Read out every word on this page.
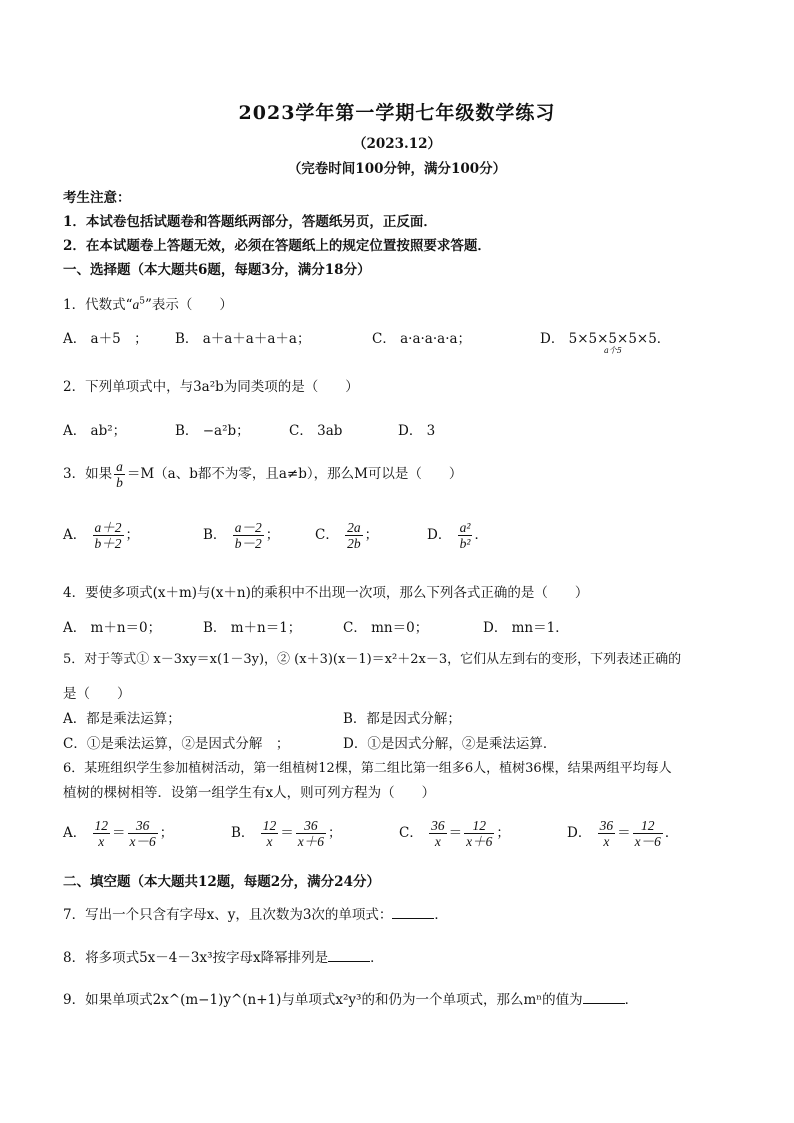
2023学年第一学期七年级数学练习
（2023.12）
（完卷时间100分钟，满分100分）
考生注意：
1．本试卷包括试题卷和答题纸两部分，答题纸另页，正反面．
2．在本试题卷上答题无效，必须在答题纸上的规定位置按照要求答题．
一、选择题（本大题共6题，每题3分，满分18分）
1．代数式“$a^5$”表示（　　）
A． a＋5　； B． a＋a＋a＋a＋a；	C． a·a·a·a·a；	D． 5×5×5×5×5．
a个5
2．下列单项式中，与3a²b为同类项的是（　　）
A． ab²；	B． −a²b；	C． 3ab	D． 3
3．如果 $\frac{a}{b} =M(a$、b都不为零，且a≠b），那么M可以是（　　）
A． $\frac{a+2}{b+2}$ ；	B． $\frac{a-2}{b-2}$ ；	C． $\frac{2a}{2b}$ ；	D． $\frac{\text{a²}}{\text{b²}}$ ．
4．要使多项式(x＋m)与(x＋n)的乘积中不出现一次项，那么下列各式正确的是（　　）
A． m＋n＝0；	B． m＋n＝1；	C． mn＝0；	D． mn＝1．
5．对于等式① x－3xy＝x(1－3y)，② (x＋3)(x－1)＝x²＋2x－3，它们从左到右的变形，下列表述正确的
是（　　）
A．都是乘法运算；	B．都是因式分解；
C．①是乘法运算，②是因式分解　；	D．①是因式分解，②是乘法运算．
6．某班组织学生参加植树活动，第一组植树12棵，第二组比第一组多6人，植树36棵，结果两组平均每人
植树的棵树相等．设第一组学生有x人，则可列方程为（　　）
A． $\frac{12}{x} = \frac{36}{x-6}$ ；	B． $\frac{12}{x} = \frac{36}{x+6}$ ；	C． $\frac{36}{x} = \frac{12}{x+6}$ ；	D． $\frac{36}{x} = \frac{12}{x-6}$ ．
二、填空题（本大题共12题，每题2分，满分24分）
7．写出一个只含有字母x、y，且次数为3次的单项式：	．
8．将多项式5x－4－3x³按字母x降幂排列是	．
9．如果单项式2x^(m−1)y^(n+1)与单项式x²y³的和仍为一个单项式，那么mⁿ的值为	．
